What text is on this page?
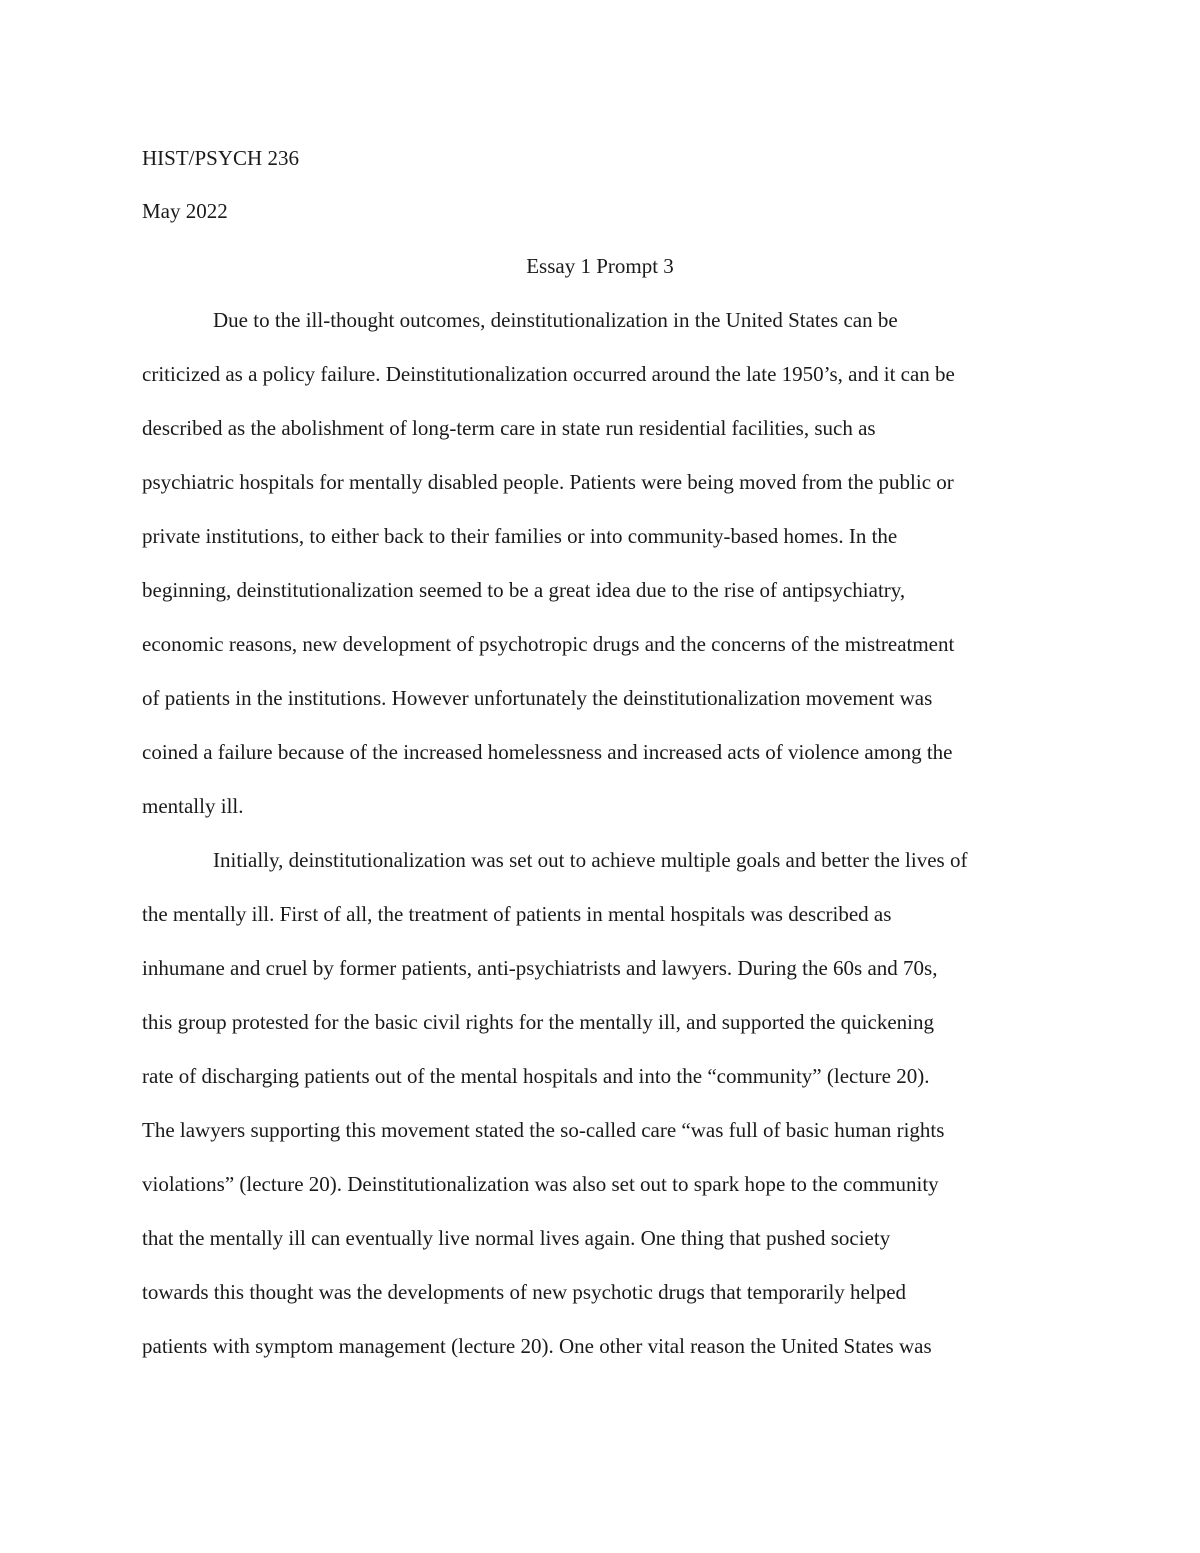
HIST/PSYCH 236

May 2022

Essay 1 Prompt 3

Due to the ill-thought outcomes, deinstitutionalization in the United States can be

criticized as a policy failure. Deinstitutionalization occurred around the late 1950’s, and it can be

described as the abolishment of long-term care in state run residential facilities, such as

psychiatric hospitals for mentally disabled people. Patients were being moved from the public or

private institutions, to either back to their families or into community-based homes. In the

beginning, deinstitutionalization seemed to be a great idea due to the rise of antipsychiatry,

economic reasons, new development of psychotropic drugs and the concerns of the mistreatment

of patients in the institutions. However unfortunately the deinstitutionalization movement was

coined a failure because of the increased homelessness and increased acts of violence among the

mentally ill.

Initially, deinstitutionalization was set out to achieve multiple goals and better the lives of

the mentally ill. First of all, the treatment of patients in mental hospitals was described as

inhumane and cruel by former patients, anti-psychiatrists and lawyers. During the 60s and 70s,

this group protested for the basic civil rights for the mentally ill, and supported the quickening

rate of discharging patients out of the mental hospitals and into the “community” (lecture 20).

The lawyers supporting this movement stated the so-called care “was full of basic human rights

violations” (lecture 20). Deinstitutionalization was also set out to spark hope to the community

that the mentally ill can eventually live normal lives again. One thing that pushed society

towards this thought was the developments of new psychotic drugs that temporarily helped

patients with symptom management (lecture 20). One other vital reason the United States was
